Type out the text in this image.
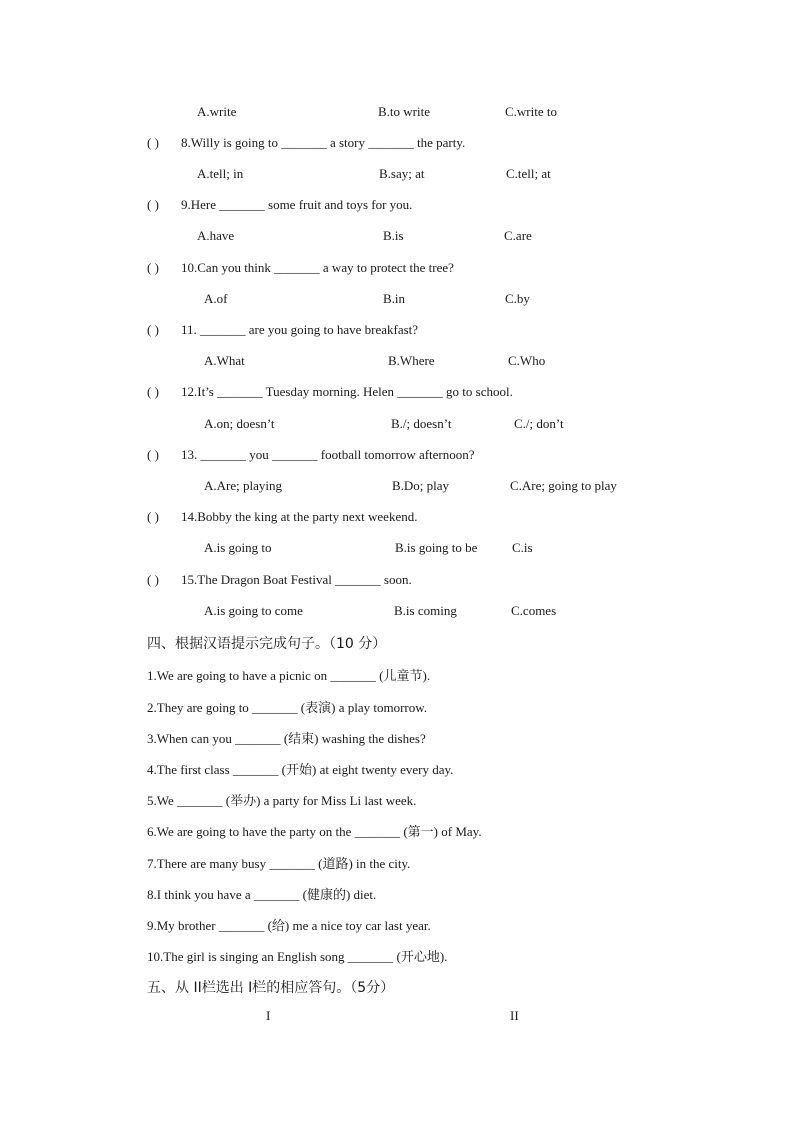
A.write	B.to write	C.write to
( ) 8.Willy is going to _______ a story _______ the party.
A.tell; in	B.say; at	C.tell; at
( ) 9.Here _______ some fruit and toys for you.
A.have	B.is	C.are
( ) 10.Can you think _______ a way to protect the tree?
A.of	B.in	C.by
( ) 11. _______ are you going to have breakfast?
A.What	B.Where	C.Who
( ) 12.It’s _______ Tuesday morning. Helen _______ go to school.
A.on; doesn’t	B./; doesn’t	C./; don’t
( ) 13. _______ you _______ football tomorrow afternoon?
A.Are; playing	B.Do; play	C.Are; going to play
( ) 14.Bobby the king at the party next weekend.
A.is going to	B.is going to be	C.is
( ) 15.The Dragon Boat Festival _______ soon.
A.is going to come	B.is coming	C.comes
四、根据汉语提示完成句子。（10 分）
1.We are going to have a picnic on _______ (儿童节).
2.They are going to _______ (表演) a play tomorrow.
3.When can you _______ (结束) washing the dishes?
4.The first class _______ (开始) at eight twenty every day.
5.We _______ (举办) a party for Miss Li last week.
6.We are going to have the party on the _______ (第一) of May.
7.There are many busy _______ (道路) in the city.
8.I think you have a _______ (健康的) diet.
9.My brother _______ (给) me a nice toy car last year.
10.The girl is singing an English song _______ (开心地).
五、从 II栏选出 I栏的相应答句。（5分）
I	II
